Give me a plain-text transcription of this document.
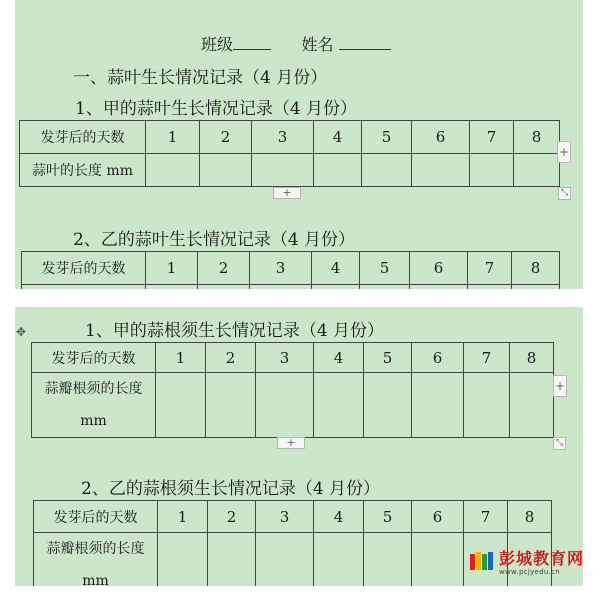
班级	姓名
一、蒜叶生长情况记录（4 月份）
1、甲的蒜叶生长情况记录（4 月份）
发芽后的天数	1	2	3	4	5	6	7	8
蒜叶的长度 mm								
+
+	⤡
2、乙的蒜叶生长情况记录（4 月份）
发芽后的天数	1	2	3	4	5	6	7	8

1、甲的蒜根须生长情况记录（4 月份）
发芽后的天数	1	2	3	4	5	6	7	8
蒜瓣根须的长度
mm								
+
+	⤡
2、乙的蒜根须生长情况记录（4 月份）
发芽后的天数	1	2	3	4	5	6	7	8
蒜瓣根须的长度
mm								
✥
彭城教育网
www.pcjyedu.cn
